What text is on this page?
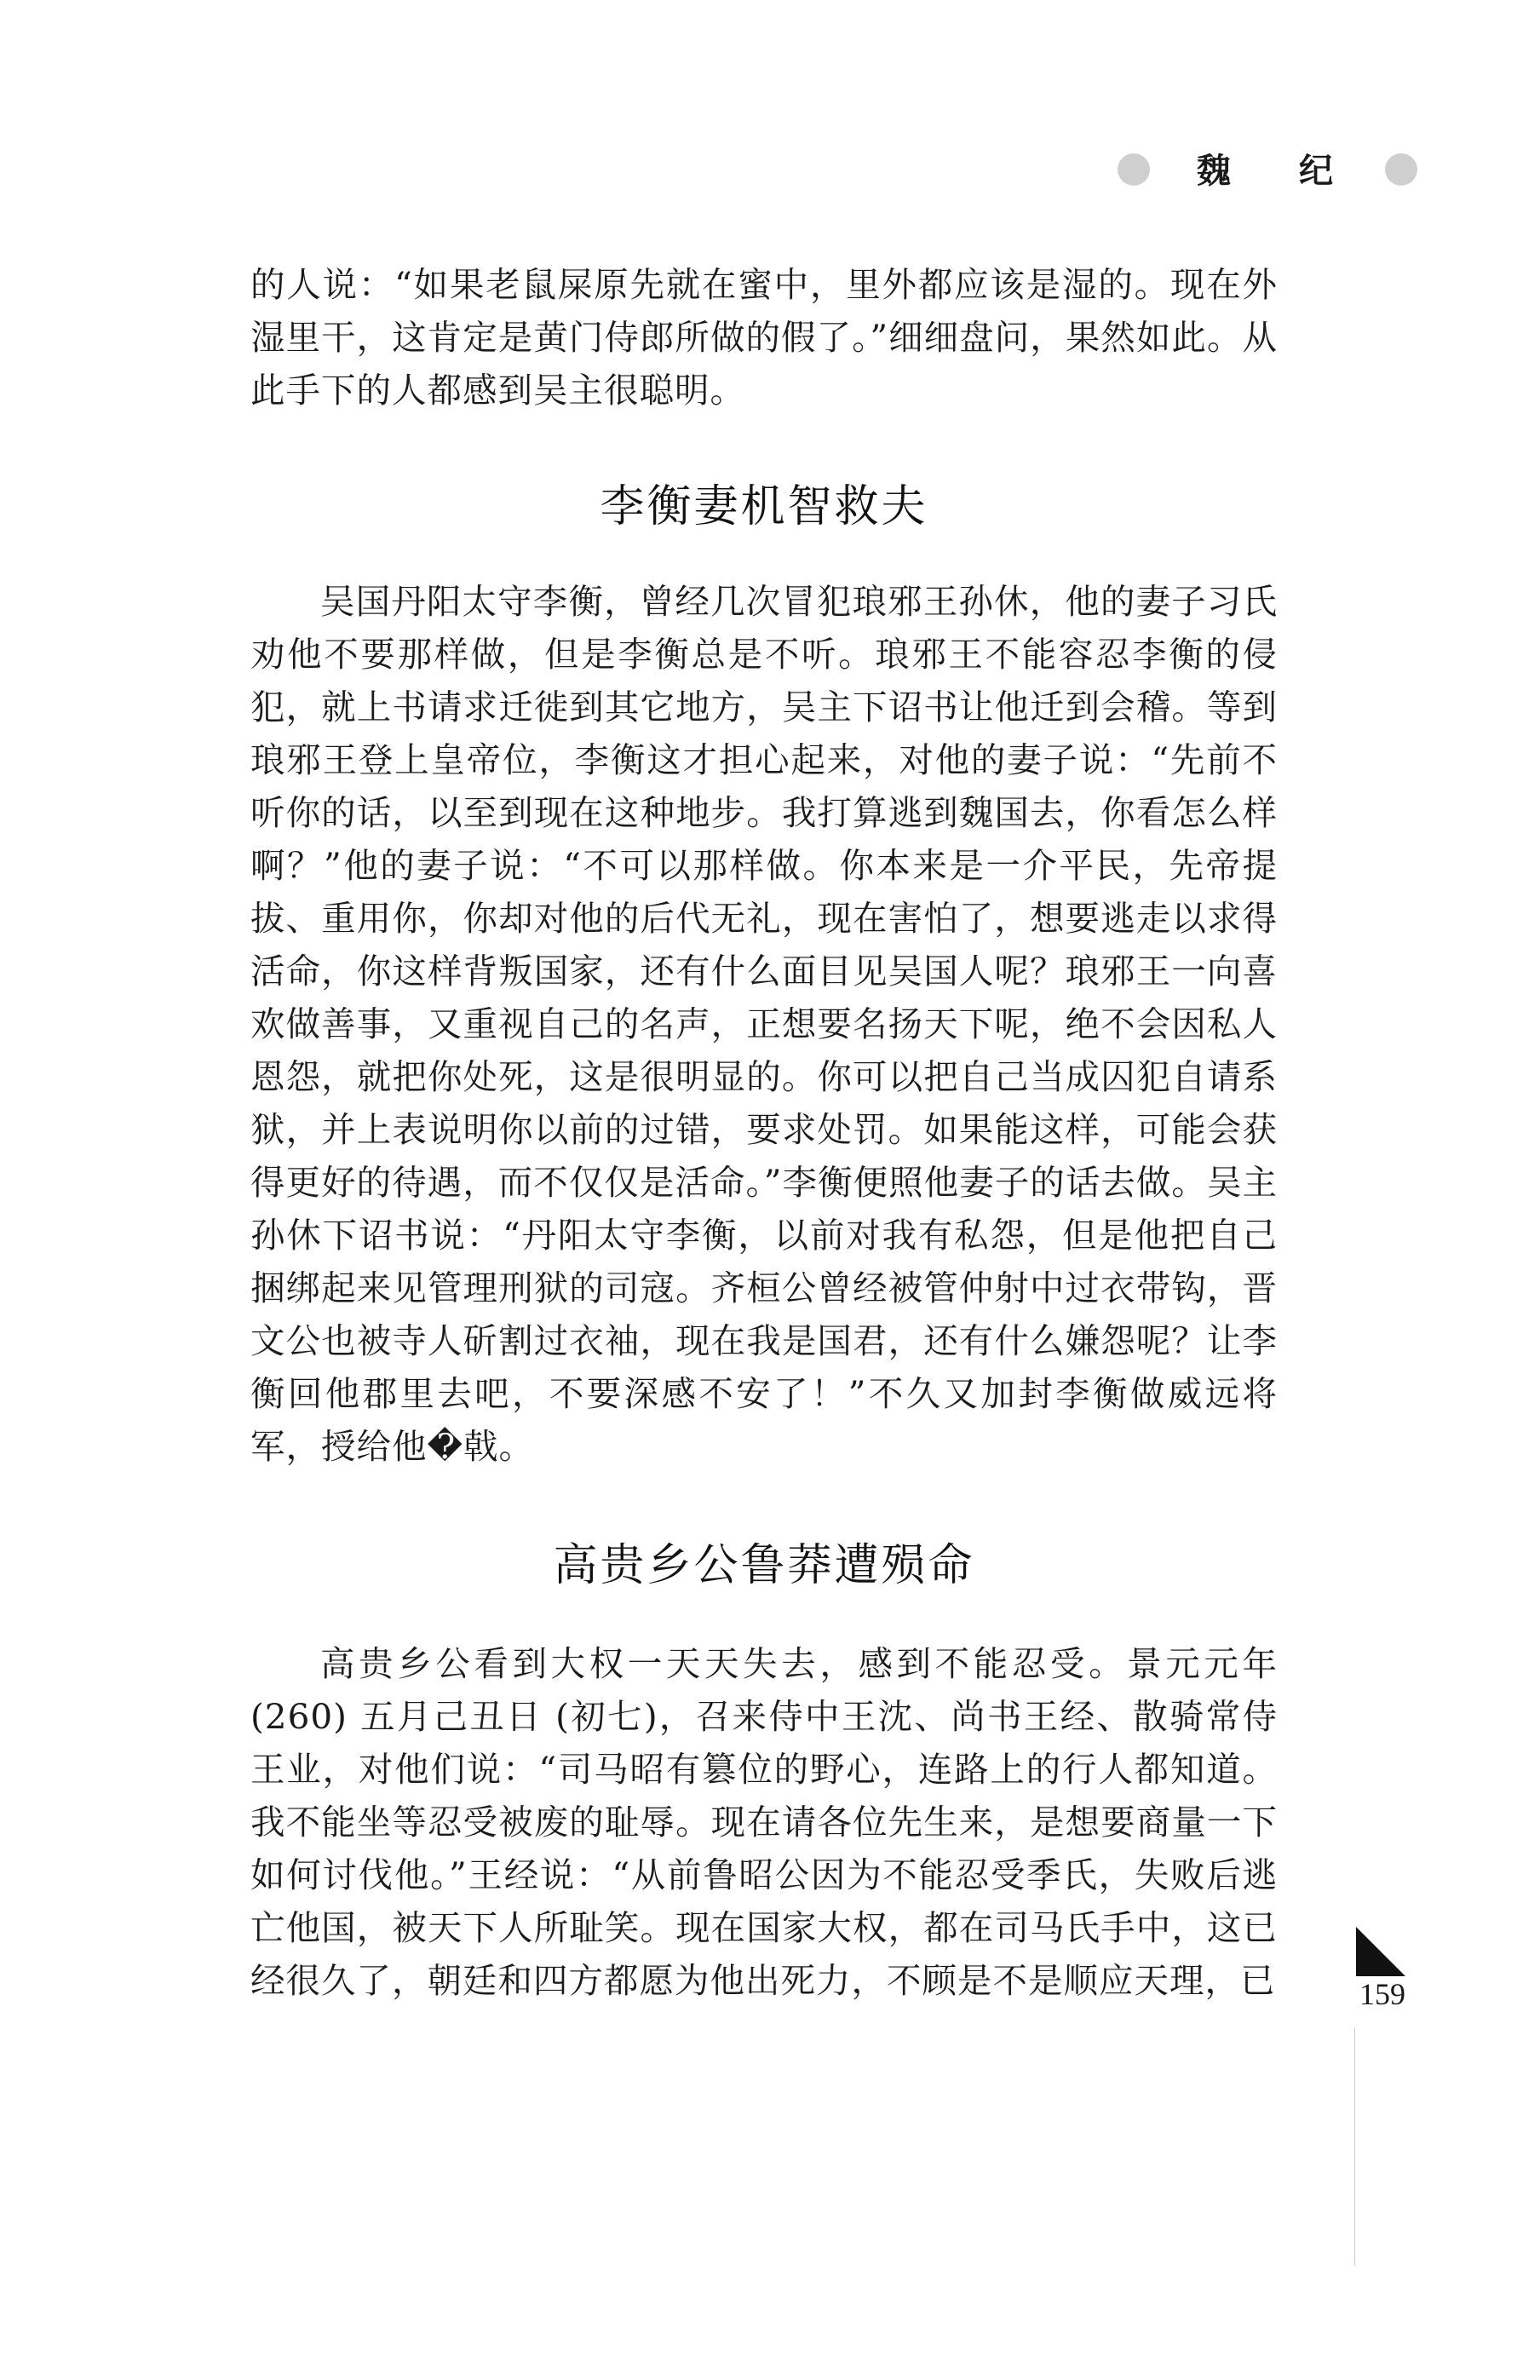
魏 纪
的人说：“如果老鼠屎原先就在蜜中，里外都应该是湿的。现在外湿里干，这肯定是黄门侍郎所做的假了。”细细盘问，果然如此。从此手下的人都感到吴主很聪明。
李衡妻机智救夫
吴国丹阳太守李衡，曾经几次冒犯琅邪王孙休，他的妻子习氏劝他不要那样做，但是李衡总是不听。琅邪王不能容忍李衡的侵犯，就上书请求迁徙到其它地方，吴主下诏书让他迁到会稽。等到琅邪王登上皇帝位，李衡这才担心起来，对他的妻子说：“先前不听你的话，以至到现在这种地步。我打算逃到魏国去，你看怎么样啊？”他的妻子说：“不可以那样做。你本来是一介平民，先帝提拔、重用你，你却对他的后代无礼，现在害怕了，想要逃走以求得活命，你这样背叛国家，还有什么面目见吴国人呢？琅邪王一向喜欢做善事，又重视自己的名声，正想要名扬天下呢，绝不会因私人恩怨，就把你处死，这是很明显的。你可以把自己当成囚犯自请系狱，并上表说明你以前的过错，要求处罚。如果能这样，可能会获得更好的待遇，而不仅仅是活命。”李衡便照他妻子的话去做。吴主孙休下诏书说：“丹阳太守李衡，以前对我有私怨，但是他把自己捆绑起来见管理刑狱的司寇。齐桓公曾经被管仲射中过衣带钩，晋文公也被寺人斫割过衣袖，现在我是国君，还有什么嫌怨呢？让李衡回他郡里去吧，不要深感不安了！”不久又加封李衡做威远将军，授给他�戟。
高贵乡公鲁莽遭殒命
高贵乡公看到大权一天天失去，感到不能忍受。景元元年(260) 五月己丑日 (初七)，召来侍中王沈、尚书王经、散骑常侍王业，对他们说：“司马昭有篡位的野心，连路上的行人都知道。我不能坐等忍受被废的耻辱。现在请各位先生来，是想要商量一下如何讨伐他。”王经说：“从前鲁昭公因为不能忍受季氏，失败后逃亡他国，被天下人所耻笑。现在国家大权，都在司马氏手中，这已经很久了，朝廷和四方都愿为他出死力，不顾是不是顺应天理，已	159
